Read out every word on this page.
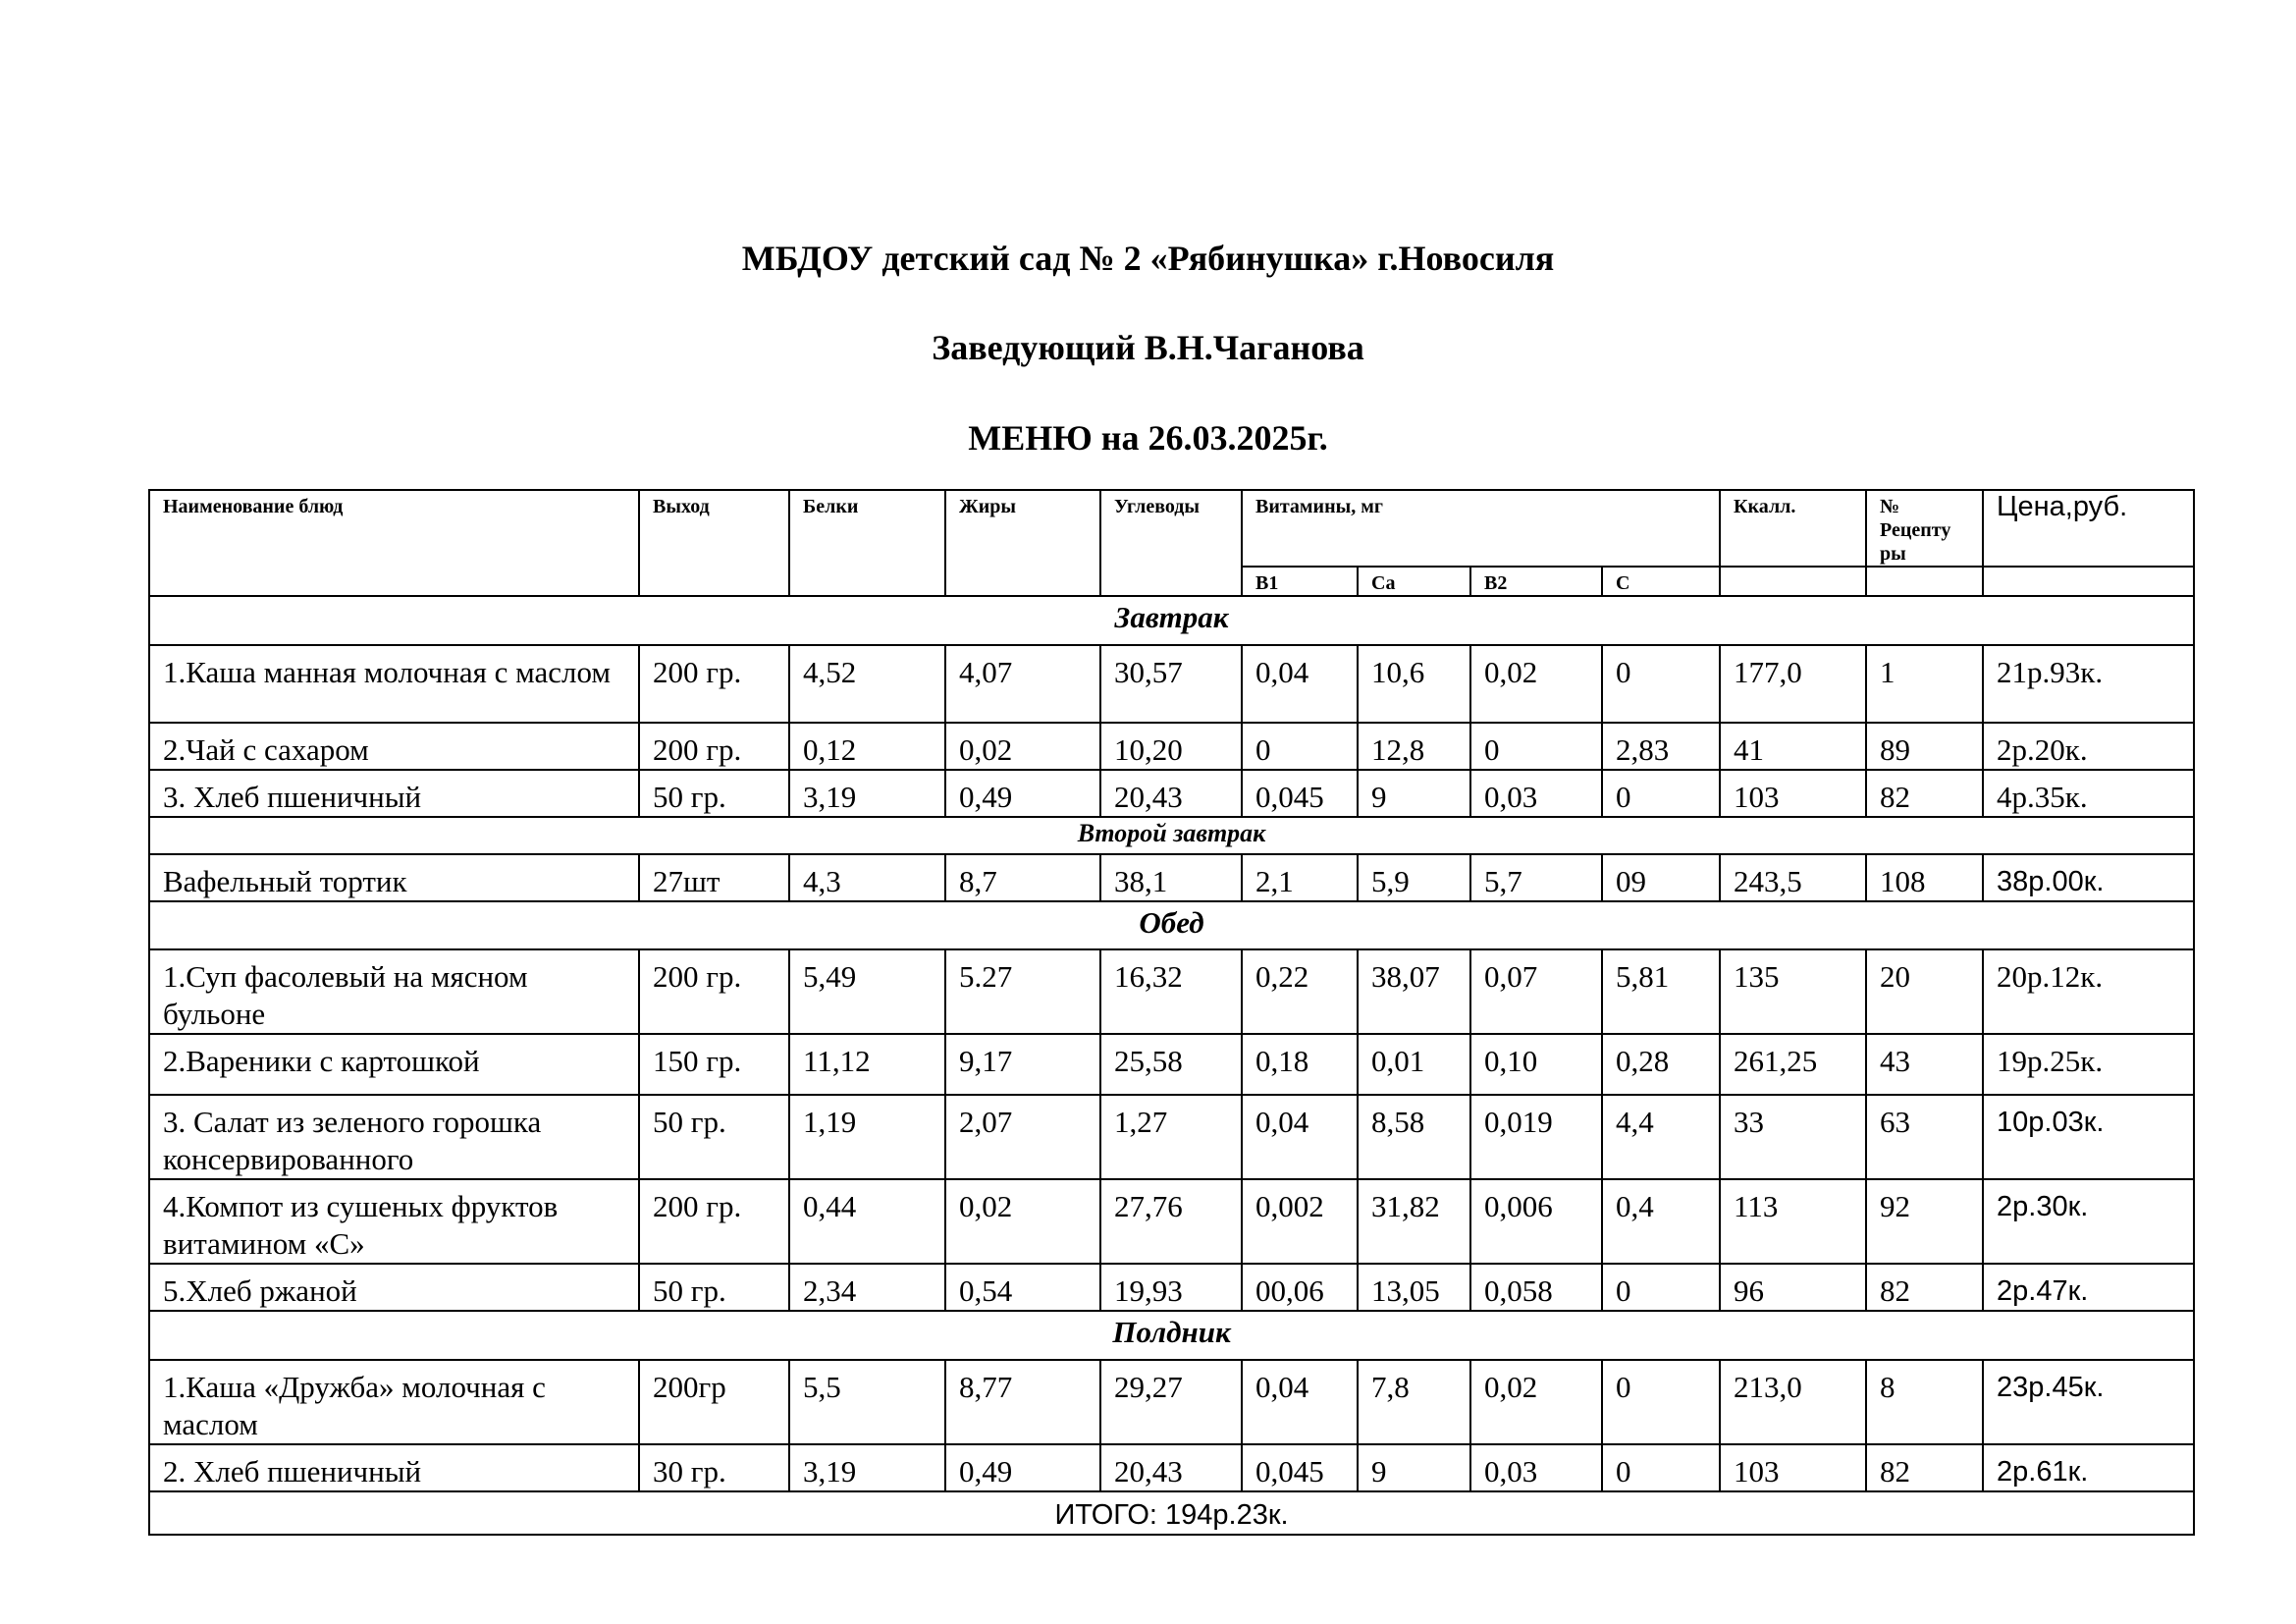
МБДОУ детский сад № 2 «Рябинушка» г.Новосиля
Заведующий В.Н.Чаганова
МЕНЮ на 26.03.2025г.
Наименование блюд	Выход	Белки	Жиры	Углеводы	Витамины, мг				Ккалл.	№ Рецепту ры	Цена,руб.
					В1	Са	В2	С			
Завтрак											
1.Каша манная молочная с маслом	200 гр.	4,52	4,07	30,57	0,04	10,6	0,02	0	177,0	1	21р.93к.
2.Чай с сахаром	200 гр.	0,12	0,02	10,20	0	12,8	0	2,83	41	89	2р.20к.
3. Хлеб пшеничный	50 гр.	3,19	0,49	20,43	0,045	9	0,03	0	103	82	4р.35к.
Второй завтрак											
Вафельный тортик	27шт	4,3	8,7	38,1	2,1	5,9	5,7	09	243,5	108	38р.00к.
Обед											
1.Суп фасолевый на мясном бульоне	200 гр.	5,49	5.27	16,32	0,22	38,07	0,07	5,81	135	20	20р.12к.
2.Вареники с картошкой	150 гр.	11,12	9,17	25,58	0,18	0,01	0,10	0,28	261,25	43	19р.25к.
3. Салат из зеленого горошка консервированного	50 гр.	1,19	2,07	1,27	0,04	8,58	0,019	4,4	33	63	10р.03к.
4.Компот из сушеных фруктов витамином «С»	200 гр.	0,44	0,02	27,76	0,002	31,82	0,006	0,4	113	92	2р.30к.
5.Хлеб ржаной	50 гр.	2,34	0,54	19,93	00,06	13,05	0,058	0	96	82	2р.47к.
Полдник											
1.Каша «Дружба» молочная с маслом	200гр	5,5	8,77	29,27	0,04	7,8	0,02	0	213,0	8	23р.45к.
2. Хлеб пшеничный	30 гр.	3,19	0,49	20,43	0,045	9	0,03	0	103	82	2р.61к.
ИТОГО: 194р.23к.											
